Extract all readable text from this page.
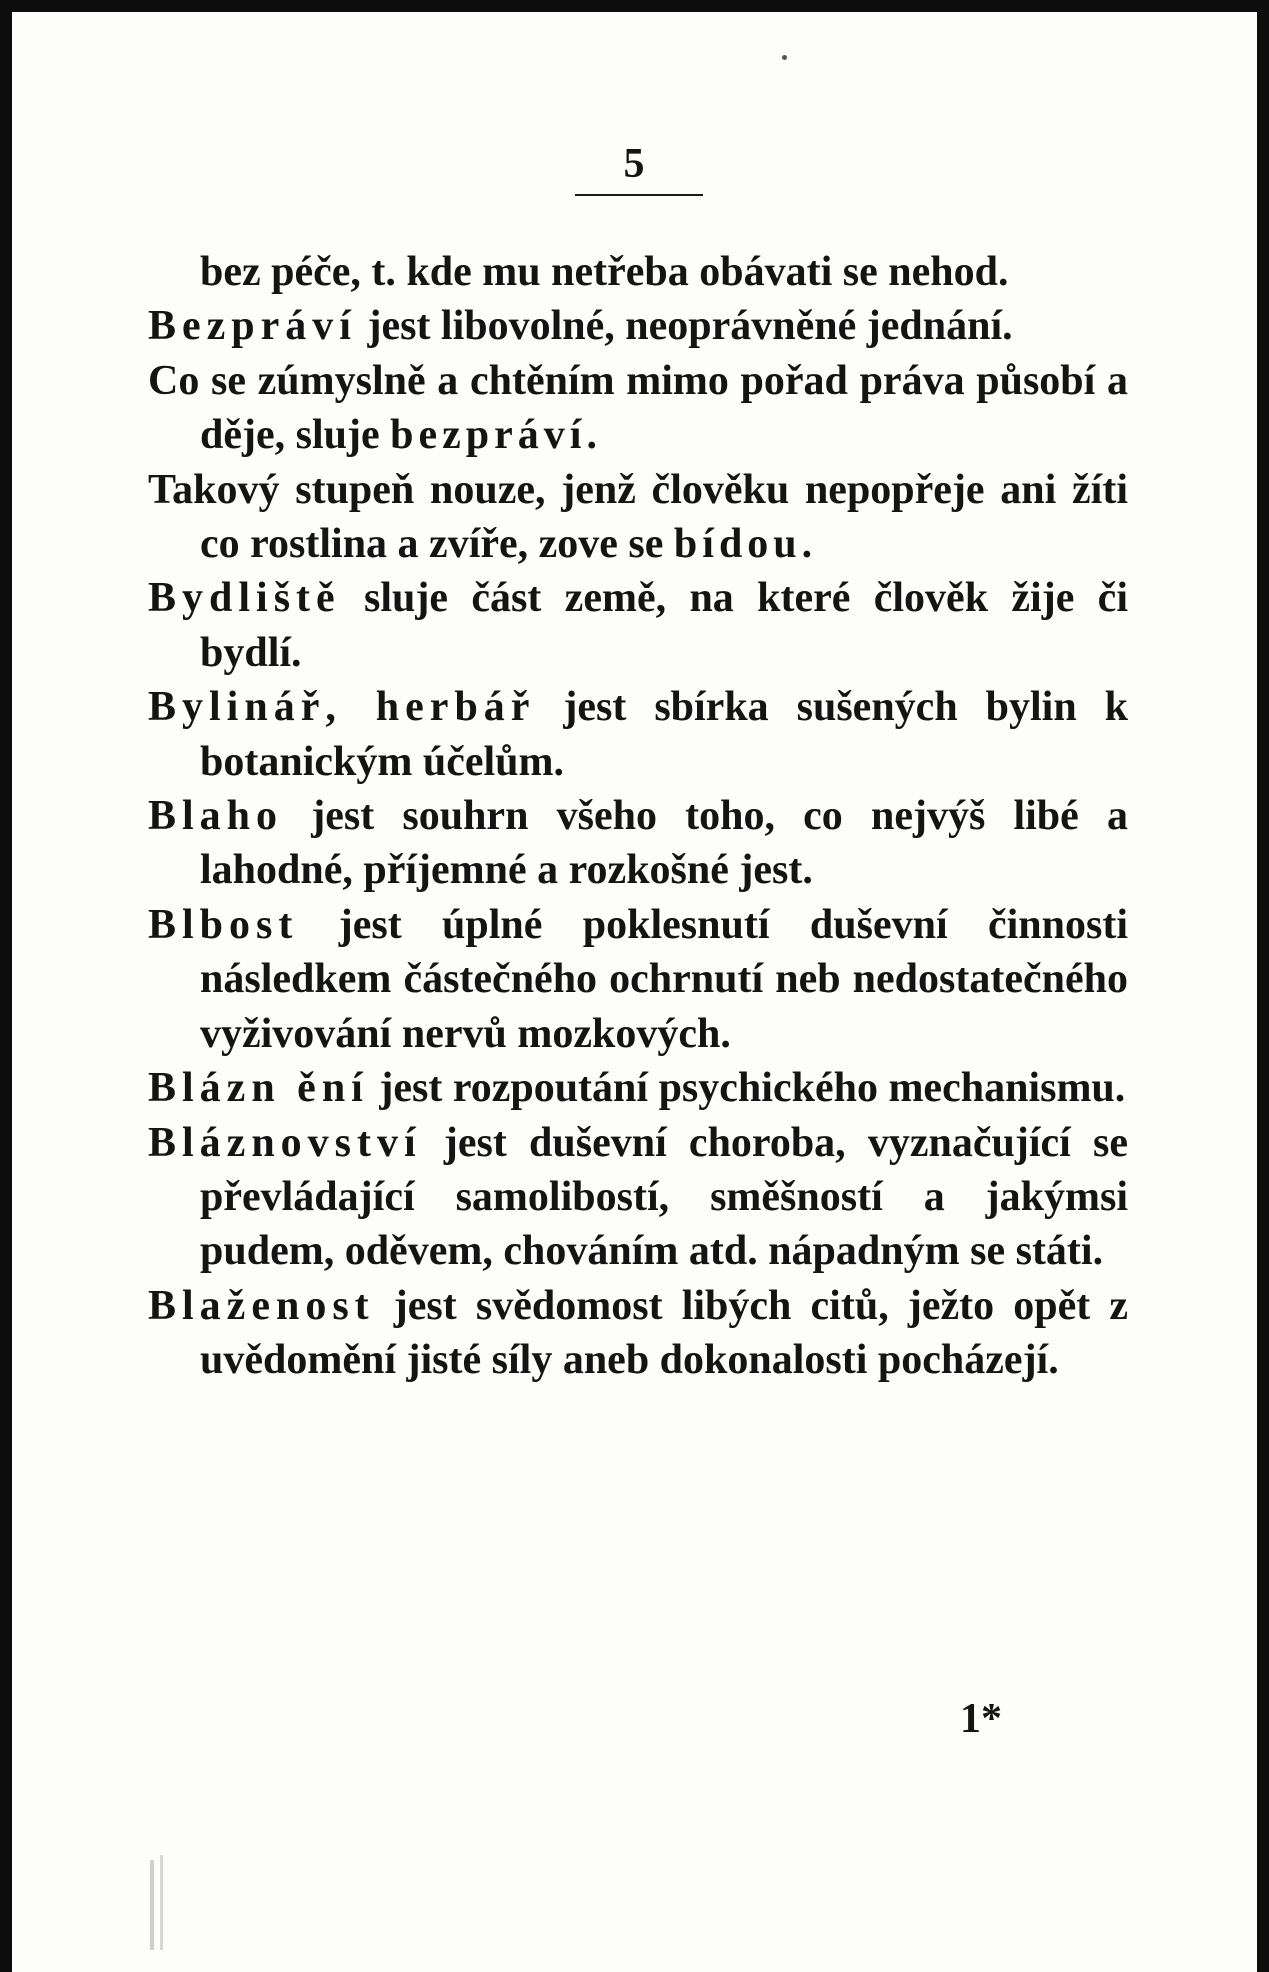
5

bez péče, t. kde mu netřeba obávati se nehod.

Bezpráví jest libovolné, neoprávněné jednání.

Co se zúmyslně a chtěním mimo pořad práva působí a děje, sluje bezpráví.

Takový stupeň nouze, jenž člověku nepopřeje ani žíti co rostlina a zvíře, zove se bídou.

Bydliště sluje část země, na které člověk žije či bydlí.

Bylinář, herbář jest sbírka sušených bylin k botanickým účelům.

Blaho jest souhrn všeho toho, co nejvýš libé a lahodné, příjemné a rozkošné jest.

Blbost jest úplné poklesnutí duševní činnosti následkem částečného ochrnutí neb nedostatečného vyživování nervů mozkových.

Blázn ění jest rozpoutání psychického mechanismu.

Bláznovství jest duševní choroba, vyznačující se převládající samolibostí, směšností a jakýmsi pudem, oděvem, chováním atd. nápadným se státi.

Blaženost jest svědomost libých citů, ježto opět z uvědomění jisté síly aneb dokonalosti pocházejí.

1*
